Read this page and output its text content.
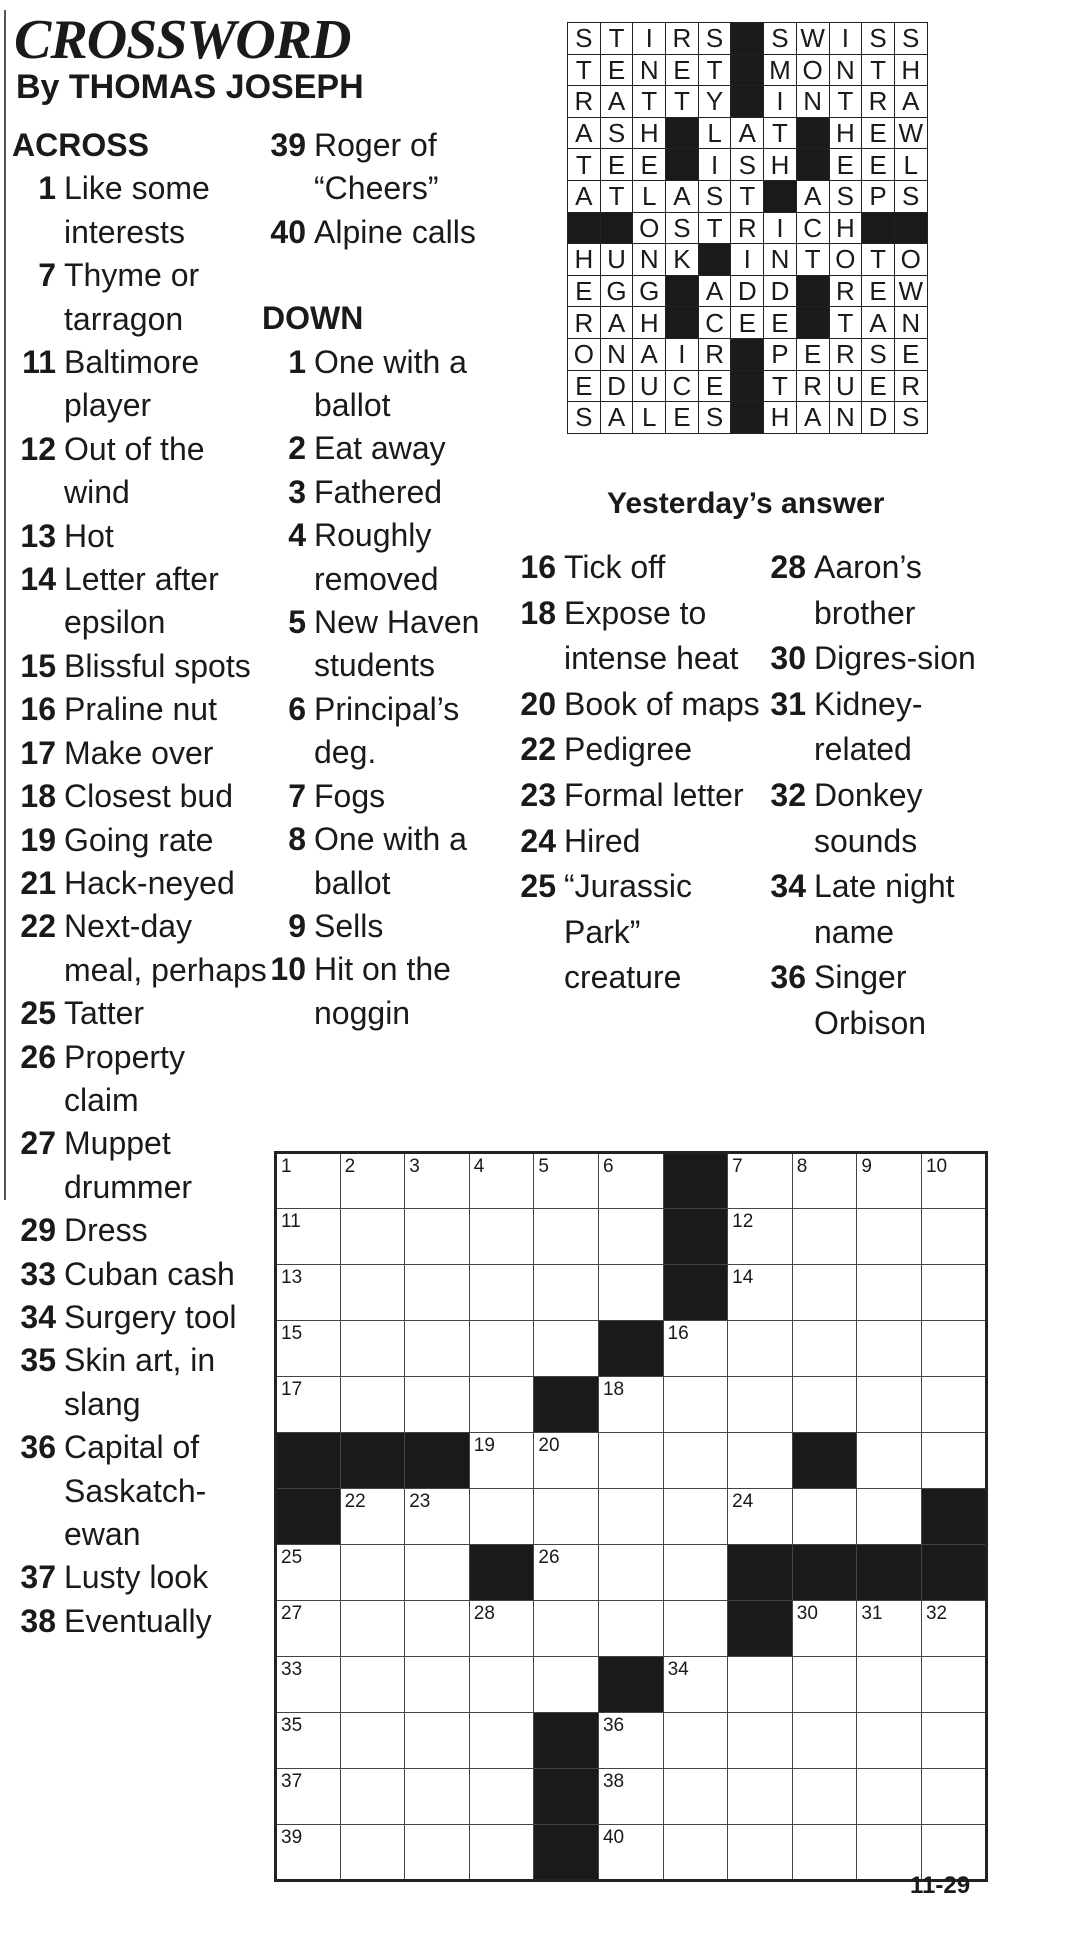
CROSSWORD
By THOMAS JOSEPH
ACROSS
1 Like some interests
7 Thyme or tarragon
11 Baltimore player
12 Out of the wind
13 Hot
14 Letter after epsilon
15 Blissful spots
16 Praline nut
17 Make over
18 Closest bud
19 Going rate
21 Hack-neyed
22 Next-day meal, perhaps
25 Tatter
26 Property claim
27 Muppet drummer
29 Dress
33 Cuban cash
34 Surgery tool
35 Skin art, in slang
36 Capital of Saskatch-ewan
37 Lusty look
38 Eventually
39 Roger of “Cheers”
40 Alpine calls
DOWN
1 One with a ballot
2 Eat away
3 Fathered
4 Roughly removed
5 New Haven students
6 Principal’s deg.
7 Fogs
8 One with a ballot
9 Sells
10 Hit on the noggin
16 Tick off
18 Expose to intense heat
20 Book of maps
22 Pedigree
23 Formal letter
24 Hired
25 “Jurassic Park” creature
28 Aaron’s brother
30 Digres-sion
31 Kidney-related
32 Donkey sounds
34 Late night name
36 Singer Orbison
S	T	I	R	S		S	W	I	S	S
T	E	N	E	T		M	O	N	T	H
R	A	T	T	Y		I	N	T	R	A
A	S	H		L	A	T		H	E	W
T	E	E		I	S	H		E	E	L
A	T	L	A	S	T		A	S	P	S
		O	S	T	R	I	C	H		
H	U	N	K		I	N	T	O	T	O
E	G	G		A	D	D		R	E	W
R	A	H		C	E	E		T	A	N
O	N	A	I	R		P	E	R	S	E
E	D	U	C	E		T	R	U	E	R
S	A	L	E	S		H	A	N	D	S
Yesterday’s answer
1	2	3	4	5	6		7	8	9	10

11							12			

13							14			

15						16				

17					18					

			19	20						

	22	23					24			

25				26						

27			28					30	31	32

33						34				

35					36					

37					38					

39					40					

11-29
